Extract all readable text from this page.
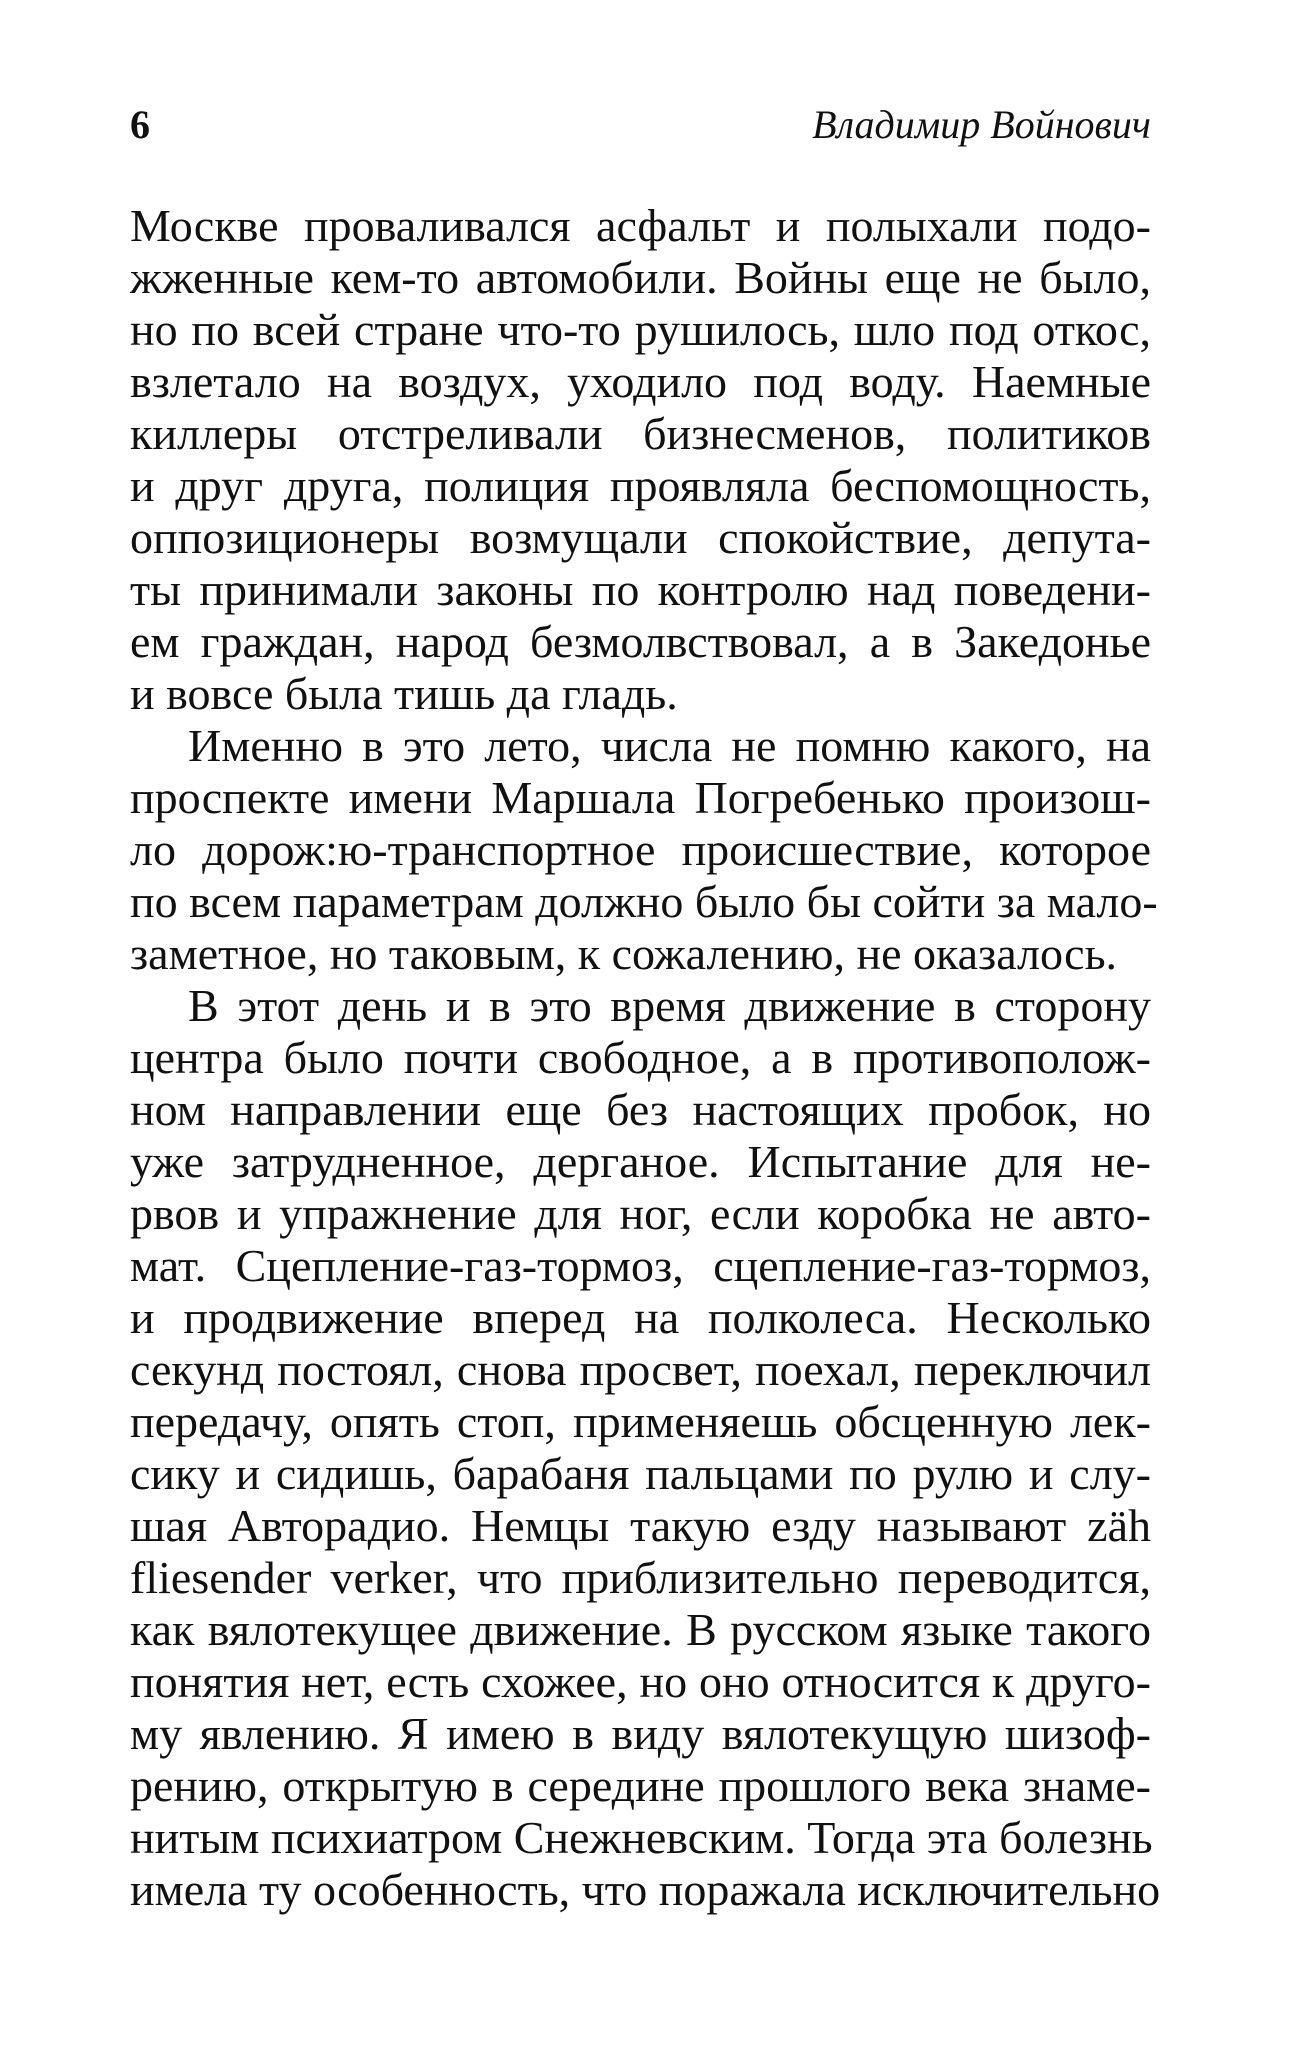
6	Владимир Войнович
Москве проваливался асфальт и полыхали подо-
жженные кем-то автомобили. Войны еще не было,
но по всей стране что-то рушилось, шло под откос,
взлетало на воздух, уходило под воду. Наемные
киллеры отстреливали бизнесменов, политиков
и друг друга, полиция проявляла беспомощность,
оппозиционеры возмущали спокойствие, депута-
ты принимали законы по контролю над поведени-
ем граждан, народ безмолвствовал, а в Закедонье
и вовсе была тишь да гладь.
Именно в это лето, числа не помню какого, на
проспекте имени Маршала Погребенько произош-
ло дорож:ю-транспортное происшествие, которое
по всем параметрам должно было бы сойти за мало-
заметное, но таковым, к сожалению, не оказалось.
В этот день и в это время движение в сторону
центра было почти свободное, а в противополож-
ном направлении еще без настоящих пробок, но
уже затрудненное, дерганое. Испытание для не-
рвов и упражнение для ног, если коробка не авто-
мат. Сцепление-газ-тормоз, сцепление-газ-тормоз,
и продвижение вперед на полколеса. Несколько
секунд постоял, снова просвет, поехал, переключил
передачу, опять стоп, применяешь обсценную лек-
сику и сидишь, барабаня пальцами по рулю и слу-
шая Авторадио. Немцы такую езду называют zäh
fliesender verker, что приблизительно переводится,
как вялотекущее движение. В русском языке такого
понятия нет, есть схожее, но оно относится к друго-
му явлению. Я имею в виду вялотекущую шизоф-
рению, открытую в середине прошлого века знаме-
нитым психиатром Снежневским. Тогда эта болезнь
имела ту особенность, что поражала исключительно
